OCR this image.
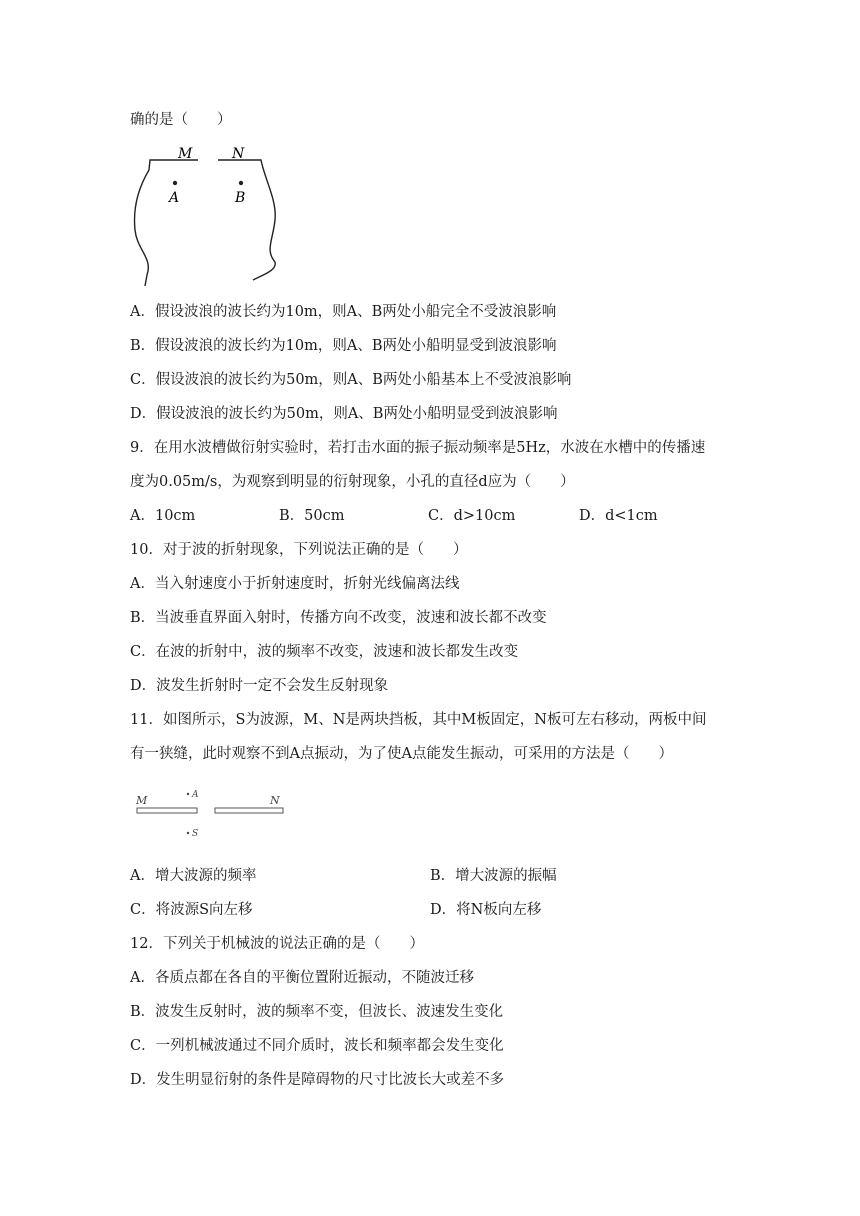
确的是（　　）
M	N
A	B
A．假设波浪的波长约为10m，则A、B两处小船完全不受波浪影响
B．假设波浪的波长约为10m，则A、B两处小船明显受到波浪影响
C．假设波浪的波长约为50m，则A、B两处小船基本上不受波浪影响
D．假设波浪的波长约为50m，则A、B两处小船明显受到波浪影响
9．在用水波槽做衍射实验时，若打击水面的振子振动频率是5Hz，水波在水槽中的传播速
度为0.05m/s，为观察到明显的衍射现象，小孔的直径d应为（　　）
A．10cm	B．50cm	C．d>10cm	D．d<1cm
10．对于波的折射现象，下列说法正确的是（　　）
A．当入射速度小于折射速度时，折射光线偏离法线
B．当波垂直界面入射时，传播方向不改变，波速和波长都不改变
C．在波的折射中，波的频率不改变，波速和波长都发生改变
D．波发生折射时一定不会发生反射现象
11．如图所示，S为波源，M、N是两块挡板，其中M板固定，N板可左右移动，两板中间
有一狭缝，此时观察不到A点振动，为了使A点能发生振动，可采用的方法是（　　）
M	N
A
S
A．增大波源的频率	B．增大波源的振幅
C．将波源S向左移	D．将N板向左移
12．下列关于机械波的说法正确的是（　　）
A．各质点都在各自的平衡位置附近振动，不随波迁移
B．波发生反射时，波的频率不变，但波长、波速发生变化
C．一列机械波通过不同介质时，波长和频率都会发生变化
D．发生明显衍射的条件是障碍物的尺寸比波长大或差不多
